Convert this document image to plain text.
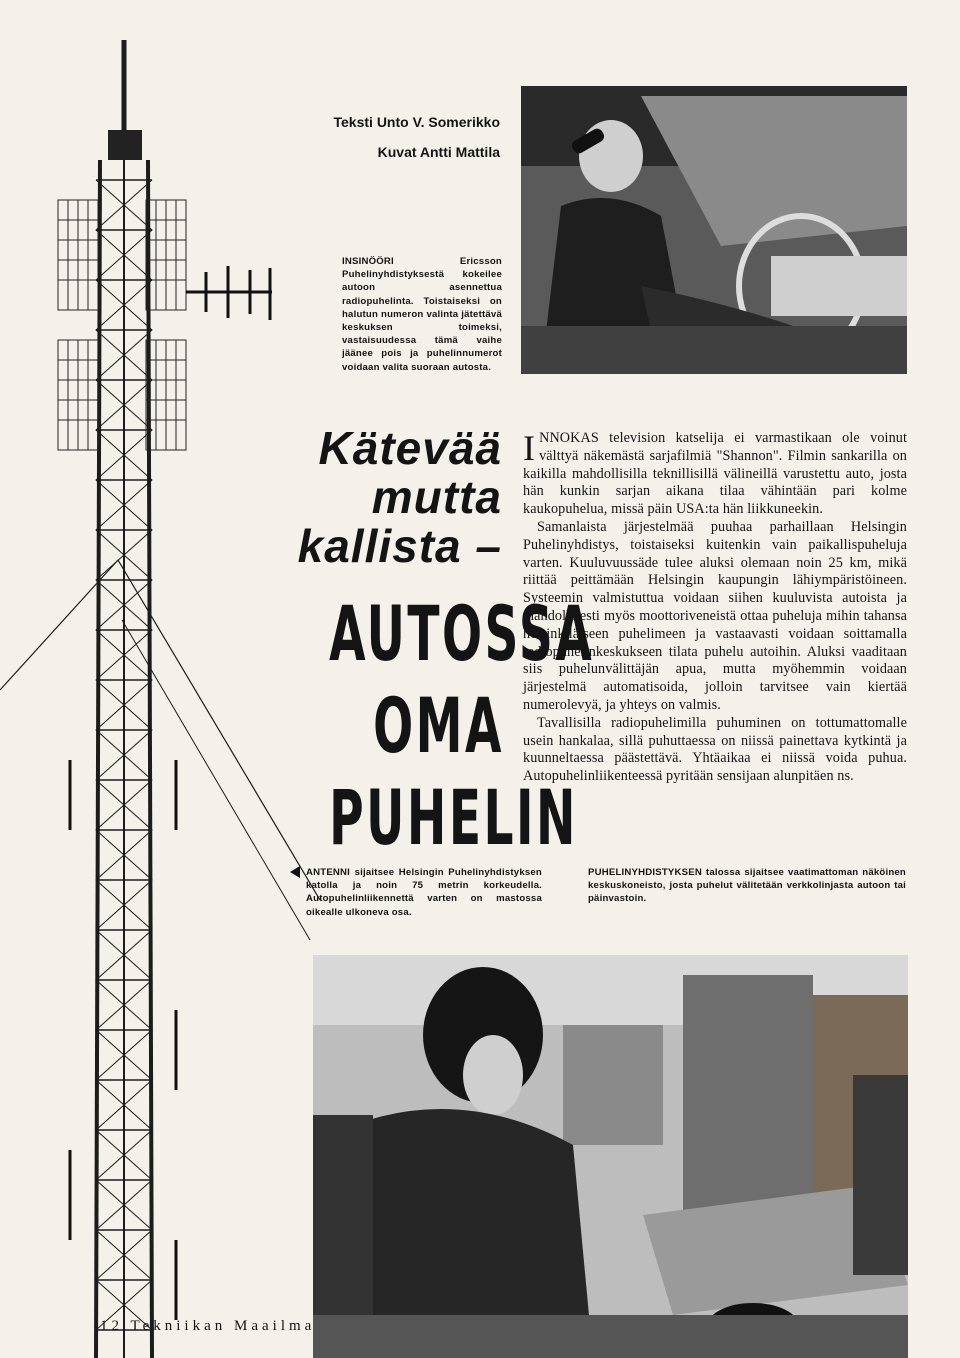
Teksti Unto V. Somerikko
Kuvat Antti Mattila
INSINÖÖRI Ericsson Puhelinyhdistyksestä kokeilee autoon asennettua radiopuhelinta. Toistaiseksi on halutun numeron valinta jätettävä keskuksen toimeksi, vastaisuudessa tämä vaihe jäänee pois ja puhelinnumerot voidaan valita suoraan autosta.
Kätevää
mutta
kallista –
AUTOSSA
OMA
PUHELIN

INNOKAS television katselija ei varmastikaan ole voinut välttyä näkemästä sarjafilmiä "Shannon". Filmin sankarilla on kaikilla mahdollisilla teknillisillä välineillä varustettu auto, josta hän kunkin sarjan aikana tilaa vähintään pari kolme kaukopuhelua, missä päin USA:ta hän liikkuneekin.

Samanlaista järjestelmää puuhaa parhaillaan Helsingin Puhelinyhdistys, toistaiseksi kuitenkin vain paikallispuheluja varten. Kuuluvuussäde tulee aluksi olemaan noin 25 km, mikä riittää peittämään Helsingin kaupungin lähiympäristöineen. Systeemin valmistuttua voidaan siihen kuuluvista autoista ja mahdollisesti myös moottoriveneistä ottaa puheluja mihin tahansa helsinkiläiseen puhelimeen ja vastaavasti voidaan soittamalla radiopuhelinkeskukseen tilata puhelu autoihin. Aluksi vaaditaan siis puhelunvälittäjän apua, mutta myöhemmin voidaan järjestelmä automatisoida, jolloin tarvitsee vain kiertää numerolevyä, ja yhteys on valmis.

Tavallisilla radiopuhelimilla puhuminen on tottumattomalle usein hankalaa, sillä puhuttaessa on niissä painettava kytkintä ja kuunneltaessa päästettävä. Yhtäaikaa ei niissä voida puhua. Autopuhelinliikenteessä pyritään sensijaan alunpitäen ns.

ANTENNI sijaitsee Helsingin Puhelinyhdistyksen katolla ja noin 75 metrin korkeudella. Autopuhelinliikennettä varten on mastossa oikealle ulkoneva osa.
PUHELINYHDISTYKSEN talossa sijaitsee vaatimattoman näköinen keskuskoneisto, josta puhelut välitetään verkkolinjasta autoon tai päinvastoin.
12 Tekniikan Maailma
